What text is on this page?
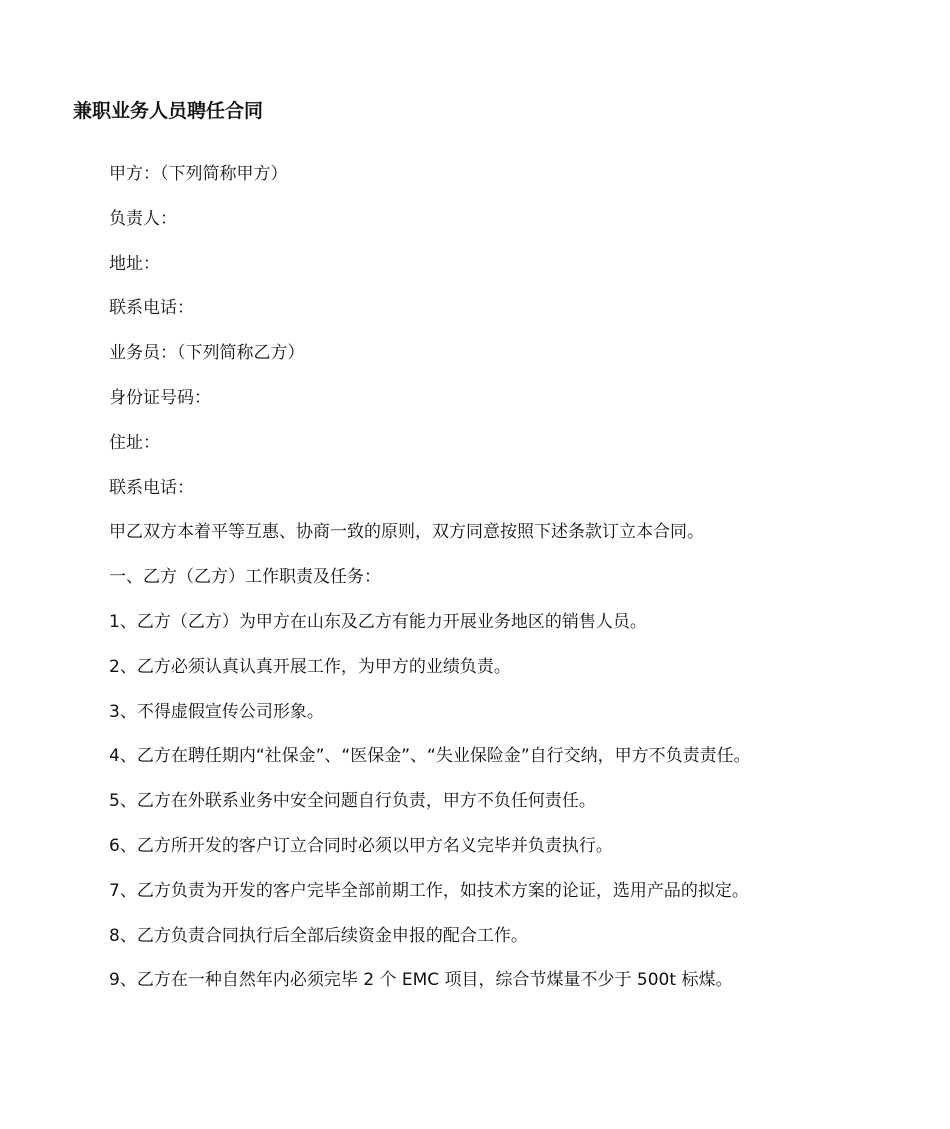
兼职业务人员聘任合同
甲方：（下列简称甲方）
负责人：
地址：
联系电话：
业务员：（下列简称乙方）
身份证号码：
住址：
联系电话：
甲乙双方本着平等互惠、协商一致的原则，双方同意按照下述条款订立本合同。
一、乙方（乙方）工作职责及任务：
1、乙方（乙方）为甲方在山东及乙方有能力开展业务地区的销售人员。
2、乙方必须认真认真开展工作，为甲方的业绩负责。
3、不得虚假宣传公司形象。
4、乙方在聘任期内“社保金”、“医保金”、“失业保险金”自行交纳，甲方不负责责任。
5、乙方在外联系业务中安全问题自行负责，甲方不负任何责任。
6、乙方所开发的客户订立合同时必须以甲方名义完毕并负责执行。
7、乙方负责为开发的客户完毕全部前期工作，如技术方案的论证，选用产品的拟定。
8、乙方负责合同执行后全部后续资金申报的配合工作。
9、乙方在一种自然年内必须完毕 2 个 EMC 项目，综合节煤量不少于 500t 标煤。
